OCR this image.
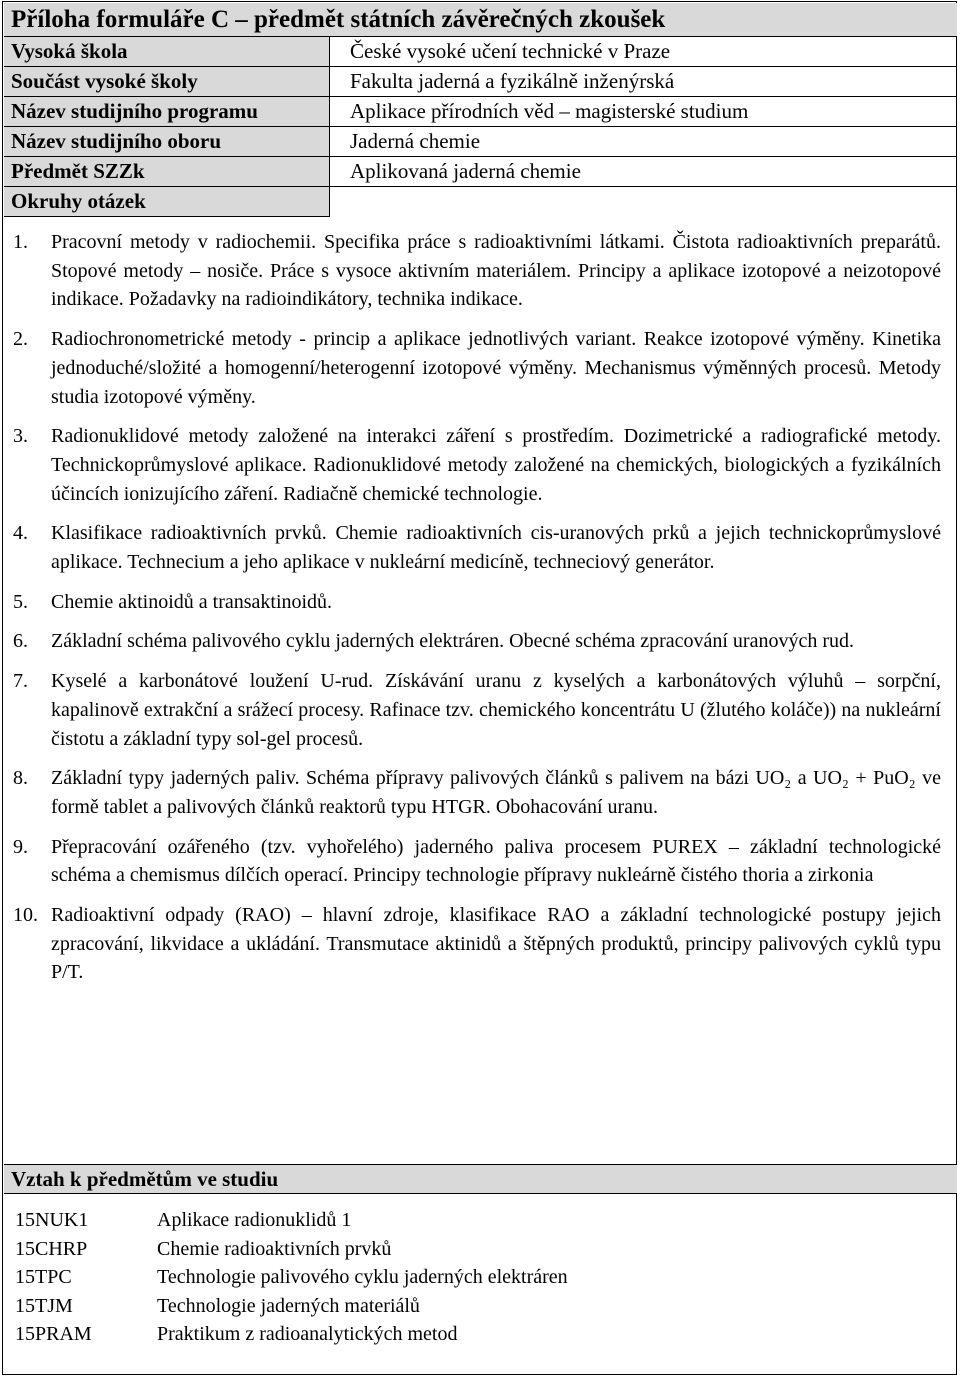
Příloha formuláře C – předmět státních závěrečných zkoušek
Vysoká škola	České vysoké učení technické v Praze
Součást vysoké školy	Fakulta jaderná a fyzikálně inženýrská
Název studijního programu	Aplikace přírodních věd – magisterské studium
Název studijního oboru	Jaderná chemie
Předmět SZZk	Aplikovaná jaderná chemie
Okruhy otázek
1. Pracovní metody v radiochemii. Specifika práce s radioaktivními látkami. Čistota radioaktivních preparátů. Stopové metody – nosiče. Práce s vysoce aktivním materiálem. Principy a aplikace izotopové a neizotopové indikace. Požadavky na radioindikátory, technika indikace.
2. Radiochronometrické metody - princip a aplikace jednotlivých variant. Reakce izotopové výměny. Kinetika jednoduché/složité a homogenní/heterogenní izotopové výměny. Mechanismus výměnných procesů. Metody studia izotopové výměny.
3. Radionuklidové metody založené na interakci záření s prostředím. Dozimetrické a radiografické metody. Technickoprůmyslové aplikace. Radionuklidové metody založené na chemických, biologických a fyzikálních účincích ionizujícího záření. Radiačně chemické technologie.
4. Klasifikace radioaktivních prvků. Chemie radioaktivních cis-uranových prků a jejich technickoprůmyslové aplikace. Technecium a jeho aplikace v nukleární medicíně, techneciový generátor.
5. Chemie aktinoidů a transaktinoidů.
6. Základní schéma palivového cyklu jaderných elektráren. Obecné schéma zpracování uranových rud.
7. Kyselé a karbonátové loužení U-rud. Získávání uranu z kyselých a karbonátových výluhů – sorpční, kapalinově extrakční a srážecí procesy. Rafinace tzv. chemického koncentrátu U (žlutého koláče)) na nukleární čistotu a základní typy sol-gel procesů.
8. Základní typy jaderných paliv. Schéma přípravy palivových článků s palivem na bázi UO₂ a UO₂ + PuO₂ ve formě tablet a palivových článků reaktorů typu HTGR. Obohacování uranu.
9. Přepracování ozářeného (tzv. vyhořelého) jaderného paliva procesem PUREX – základní technologické schéma a chemismus dílčích operací. Principy technologie přípravy nukleárně čistého thoria a zirkonia
10. Radioaktivní odpady (RAO) – hlavní zdroje, klasifikace RAO a základní technologické postupy jejich zpracování, likvidace a ukládání. Transmutace aktinidů a štěpných produktů, principy palivových cyklů typu P/T.
Vztah k předmětům ve studiu
15NUK1	Aplikace radionuklidů 1
15CHRP	Chemie radioaktivních prvků
15TPC	Technologie palivového cyklu jaderných elektráren
15TJM	Technologie jaderných materiálů
15PRAM	Praktikum z radioanalytických metod
